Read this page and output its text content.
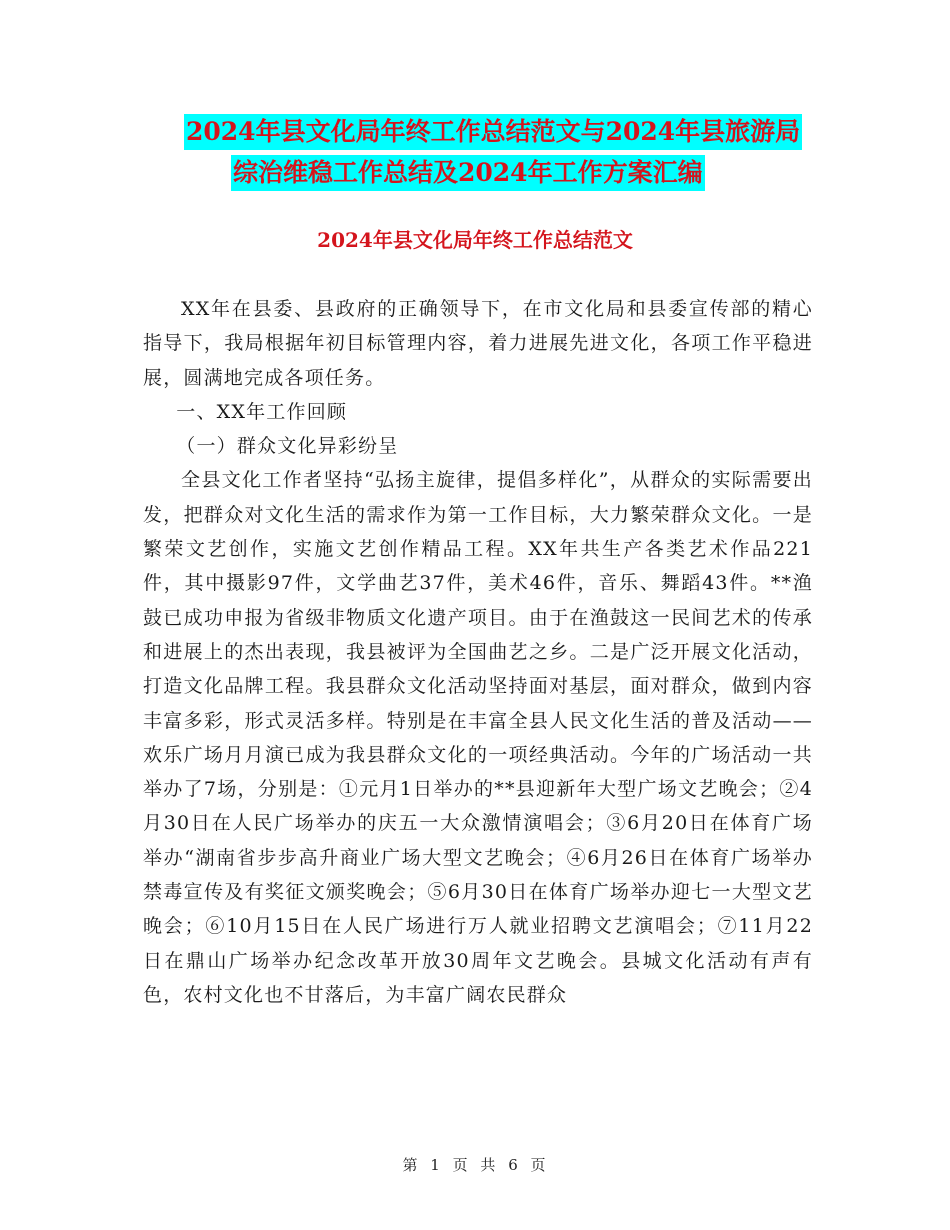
2024年县文化局年终工作总结范文与2024年县旅游局
综治维稳工作总结及2024年工作方案汇编
2024年县文化局年终工作总结范文

XX年在县委、县政府的正确领导下，在市文化局和县委宣传部的精心指导下，我局根据年初目标管理内容，着力进展先进文化，各项工作平稳进展，圆满地完成各项任务。

一、XX年工作回顾

（一）群众文化异彩纷呈

全县文化工作者坚持“弘扬主旋律，提倡多样化”，从群众的实际需要出发，把群众对文化生活的需求作为第一工作目标，大力繁荣群众文化。一是繁荣文艺创作，实施文艺创作精品工程。XX年共生产各类艺术作品221件，其中摄影97件，文学曲艺37件，美术46件，音乐、舞蹈43件。**渔鼓已成功申报为省级非物质文化遗产项目。由于在渔鼓这一民间艺术的传承和进展上的杰出表现，我县被评为全国曲艺之乡。二是广泛开展文化活动，打造文化品牌工程。我县群众文化活动坚持面对基层，面对群众，做到内容丰富多彩，形式灵活多样。特别是在丰富全县人民文化生活的普及活动——欢乐广场月月演已成为我县群众文化的一项经典活动。今年的广场活动一共举办了7场，分别是：①元月1日举办的**县迎新年大型广场文艺晚会；②4月30日在人民广场举办的庆五一大众激情演唱会；③6月20日在体育广场举办“湖南省步步高升商业广场大型文艺晚会；④6月26日在体育广场举办禁毒宣传及有奖征文颁奖晚会；⑤6月30日在体育广场举办迎七一大型文艺晚会；⑥10月15日在人民广场进行万人就业招聘文艺演唱会；⑦11月22日在鼎山广场举办纪念改革开放30周年文艺晚会。县城文化活动有声有色，农村文化也不甘落后，为丰富广阔农民群众

第 1 页 共 6 页
